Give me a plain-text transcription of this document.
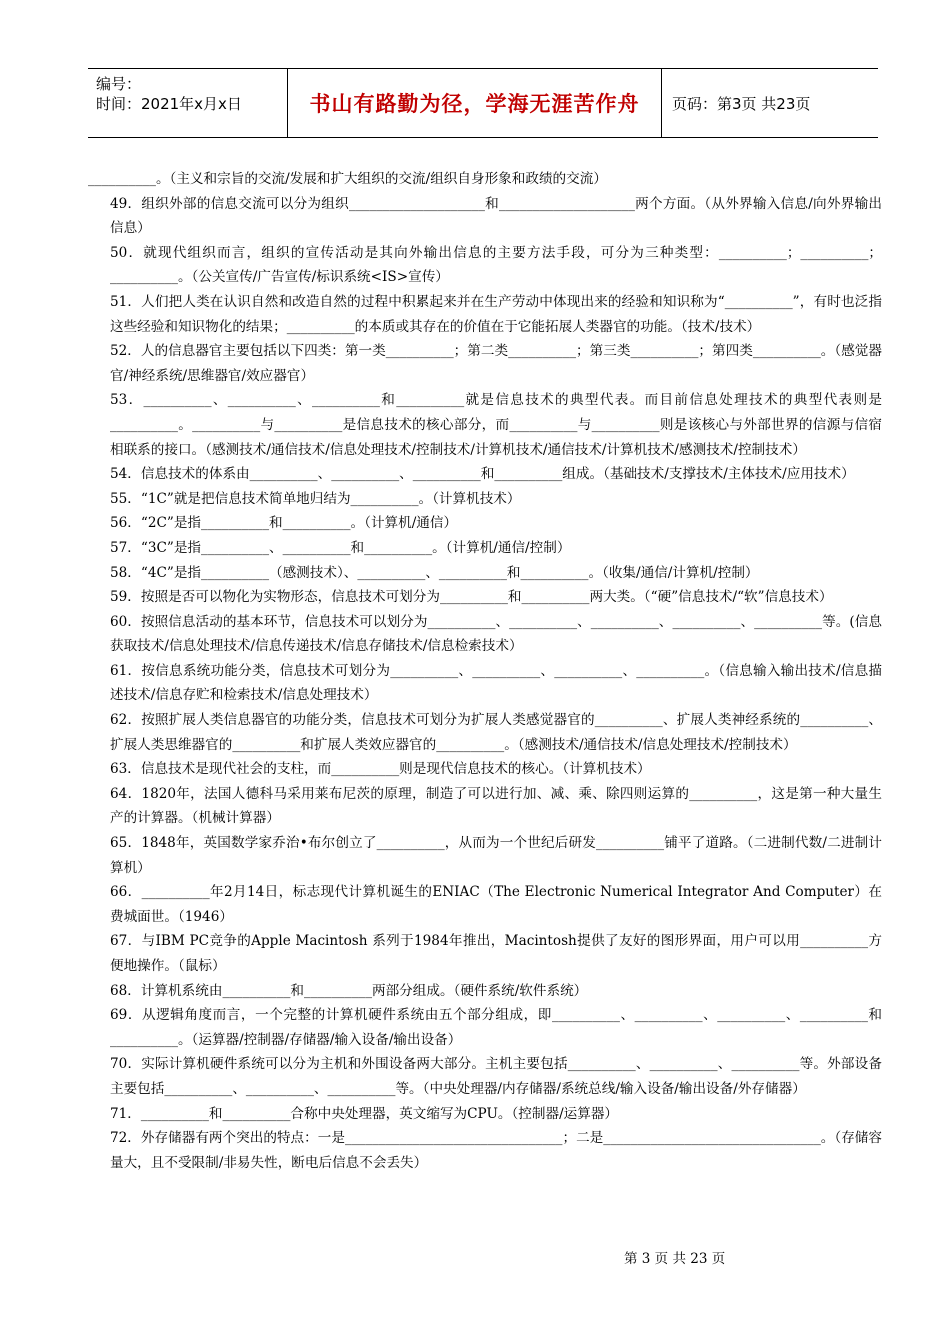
编号：
时间：2021年x月x日	书山有路勤为径，学海无涯苦作舟 页码：第3页 共23页

__________。（主义和宗旨的交流/发展和扩大组织的交流/组织自身形象和政绩的交流）

49．组织外部的信息交流可以分为组织____________________和____________________两个方面。（从外界输入信息/向外界输出信息）

50．就现代组织而言，组织的宣传活动是其向外输出信息的主要方法手段，可分为三种类型：__________；__________；__________。（公关宣传/广告宣传/标识系统<IS>宣传）

51．人们把人类在认识自然和改造自然的过程中积累起来并在生产劳动中体现出来的经验和知识称为“__________”，有时也泛指这些经验和知识物化的结果；__________的本质或其存在的价值在于它能拓展人类器官的功能。（技术/技术）

52．人的信息器官主要包括以下四类：第一类__________；第二类__________；第三类__________；第四类__________。（感觉器官/神经系统/思维器官/效应器官）

53．__________、__________、__________和__________就是信息技术的典型代表。而目前信息处理技术的典型代表则是__________。__________与__________是信息技术的核心部分，而__________与__________则是该核心与外部世界的信源与信宿相联系的接口。（感测技术/通信技术/信息处理技术/控制技术/计算机技术/通信技术/计算机技术/感测技术/控制技术）

54．信息技术的体系由__________、__________、__________和__________组成。（基础技术/支撑技术/主体技术/应用技术）

55．“1C”就是把信息技术简单地归结为__________。（计算机技术）

56．“2C”是指__________和__________。（计算机/通信）

57．“3C”是指__________、__________和__________。（计算机/通信/控制）

58．“4C”是指__________（感测技术）、__________、__________和__________。（收集/通信/计算机/控制）

59．按照是否可以物化为实物形态，信息技术可划分为__________和__________两大类。（“硬”信息技术/“软”信息技术）

60．按照信息活动的基本环节，信息技术可以划分为__________、__________、__________、__________、__________等。(信息获取技术/信息处理技术/信息传递技术/信息存储技术/信息检索技术）

61．按信息系统功能分类，信息技术可划分为__________、__________、__________、__________。（信息输入输出技术/信息描述技术/信息存贮和检索技术/信息处理技术）

62．按照扩展人类信息器官的功能分类，信息技术可划分为扩展人类感觉器官的__________、扩展人类神经系统的__________、扩展人类思维器官的__________和扩展人类效应器官的__________。（感测技术/通信技术/信息处理技术/控制技术）

63．信息技术是现代社会的支柱，而__________则是现代信息技术的核心。（计算机技术）

64．1820年，法国人德科马采用莱布尼茨的原理，制造了可以进行加、减、乘、除四则运算的__________，这是第一种大量生产的计算器。（机械计算器）

65．1848年，英国数学家乔治•布尔创立了__________，从而为一个世纪后研发__________铺平了道路。（二进制代数/二进制计算机）

66．__________年2月14日，标志现代计算机诞生的ENIAC（The Electronic Numerical Integrator And Computer）在费城面世。（1946）

67．与IBM PC竞争的Apple Macintosh 系列于1984年推出，Macintosh提供了友好的图形界面，用户可以用__________方便地操作。（鼠标）

68．计算机系统由__________和__________两部分组成。（硬件系统/软件系统）

69．从逻辑角度而言，一个完整的计算机硬件系统由五个部分组成，即__________、__________、__________、__________和__________。（运算器/控制器/存储器/输入设备/输出设备）

70．实际计算机硬件系统可以分为主机和外围设备两大部分。主机主要包括__________、__________、__________等。外部设备主要包括__________、__________、__________等。（中央处理器/内存储器/系统总线/输入设备/输出设备/外存储器）

71．__________和__________合称中央处理器，英文缩写为CPU。（控制器/运算器）

72．外存储器有两个突出的特点：一是________________________________；二是________________________________。（存储容量大，且不受限制/非易失性，断电后信息不会丢失）

第 3 页 共 23 页
